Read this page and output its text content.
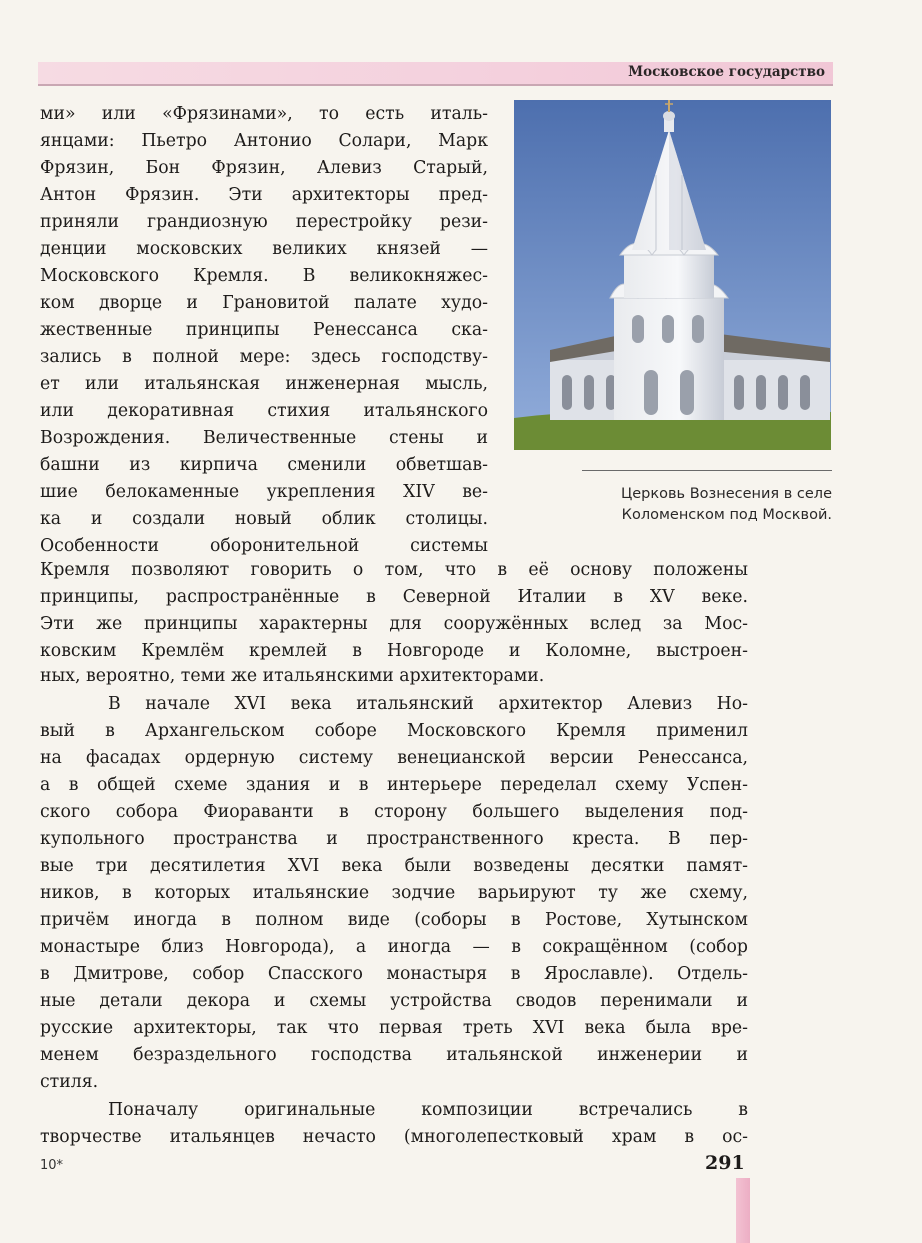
Московское государство
Церковь Вознесения в селе Коломенском под Москвой.
ми» или «Фрязинами», то есть италь-
янцами: Пьетро Антонио Солари, Марк
Фрязин, Бон Фрязин, Алевиз Старый,
Антон Фрязин. Эти архитекторы пред-
приняли грандиозную перестройку рези-
денции московских великих князей —
Московского Кремля. В великокняжес-
ком дворце и Грановитой палате худо-
жественные принципы Ренессанса ска-
зались в полной мере: здесь господству-
ет или итальянская инженерная мысль,
или декоративная стихия итальянского
Возрождения. Величественные стены и
башни из кирпича сменили обветшав-
шие белокаменные укрепления XIV ве-
ка и создали новый облик столицы.
Особенности оборонительной системы
Кремля позволяют говорить о том, что в её основу положены
принципы, распространённые в Северной Италии в XV веке.
Эти же принципы характерны для сооружённых вслед за Мос-
ковским Кремлём кремлей в Новгороде и Коломне, выстроен-
ных, вероятно, теми же итальянскими архитекторами.
В начале XVI века итальянский архитектор Алевиз Но-
вый в Архангельском соборе Московского Кремля применил
на фасадах ордерную систему венецианской версии Ренессанса,
а в общей схеме здания и в интерьере переделал схему Успен-
ского собора Фиораванти в сторону большего выделения под-
купольного пространства и пространственного креста. В пер-
вые три десятилетия XVI века были возведены десятки памят-
ников, в которых итальянские зодчие варьируют ту же схему,
причём иногда в полном виде (соборы в Ростове, Хутынском
монастыре близ Новгорода), а иногда — в сокращённом (собор
в Дмитрове, собор Спасского монастыря в Ярославле). Отдель-
ные детали декора и схемы устройства сводов перенимали и
русские архитекторы, так что первая треть XVI века была вре-
менем безраздельного господства итальянской инженерии и
стиля.
Поначалу оригинальные композиции встречались в
творчестве итальянцев нечасто (многолепестковый храм в ос-
10*	291
